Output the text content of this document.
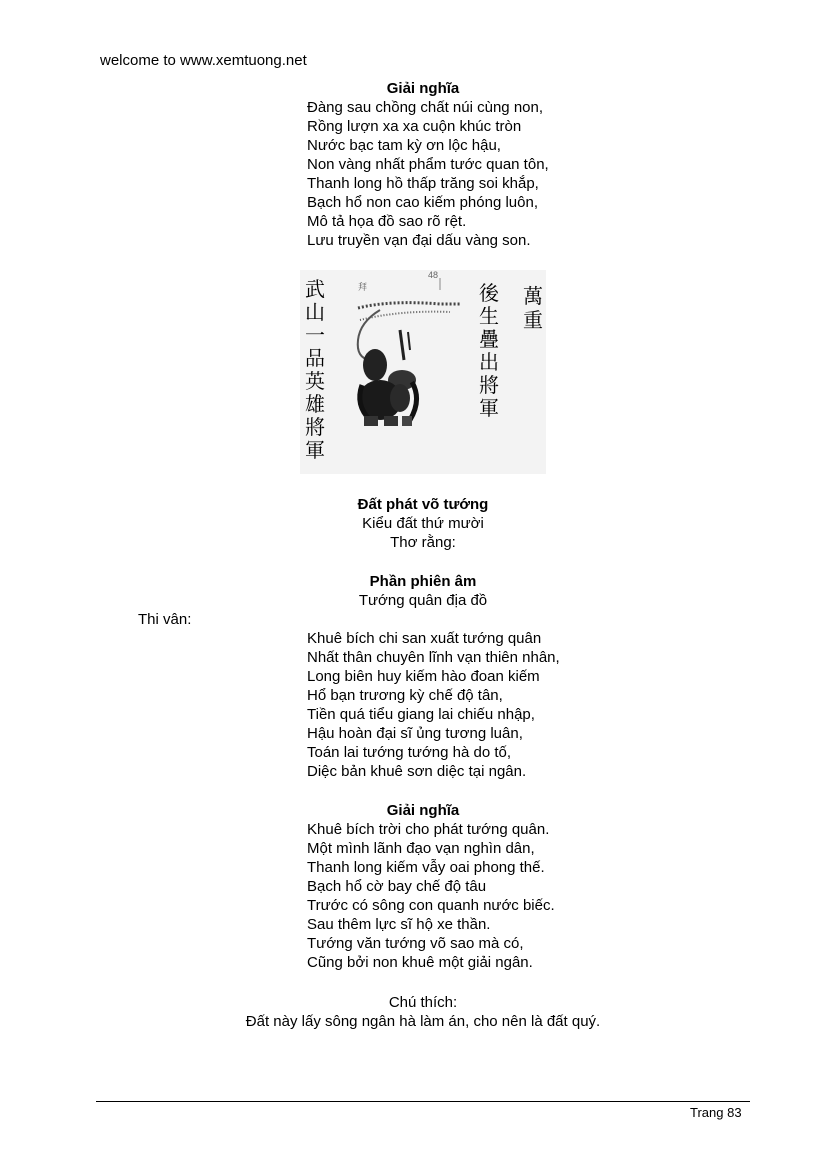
welcome to www.xemtuong.net
Giải nghĩa
Đàng sau chồng chất núi cùng non,
Rồng lượn xa xa cuộn khúc tròn
Nước bạc tam kỳ ơn lộc hậu,
Non vàng nhất phẩm tước quan tôn,
Thanh long hồ thấp trăng soi khắp,
Bạch hổ non cao kiếm phóng luôn,
Mô tả họa đồ sao rõ rệt.
Lưu truyền vạn đại dấu vàng son.
武山一品英雄將軍
後生疊出將軍
萬重
48
拜
Đất phát võ tướng
Kiểu đất thứ mười
Thơ rằng:
Phần phiên âm
Tướng quân địa đồ
Thi vân:
Khuê bích chi san xuất tướng quân
Nhất thân chuyên lĩnh vạn thiên nhân,
Long biên huy kiếm hào đoan kiếm
Hổ bạn trương kỳ chế độ tân,
Tiền quá tiểu giang lai chiếu nhập,
Hậu hoàn đại sĩ ủng tương luân,
Toán lai tướng tướng hà do tố,
Diệc bản khuê sơn diệc tại ngân.
Giải nghĩa
Khuê bích trời cho phát tướng quân.
Một mình lãnh đạo vạn nghìn dân,
Thanh long kiếm vẫy oai phong thế.
Bạch hổ cờ bay chế độ tâu
Trước có sông con quanh nước biếc.
Sau thêm lực sĩ hộ xe thần.
Tướng văn tướng võ sao mà có,
Cũng bởi non khuê một giải ngân.
Chú thích:
Đất này lấy sông ngân hà làm án, cho nên là đất quý.
Trang 83
